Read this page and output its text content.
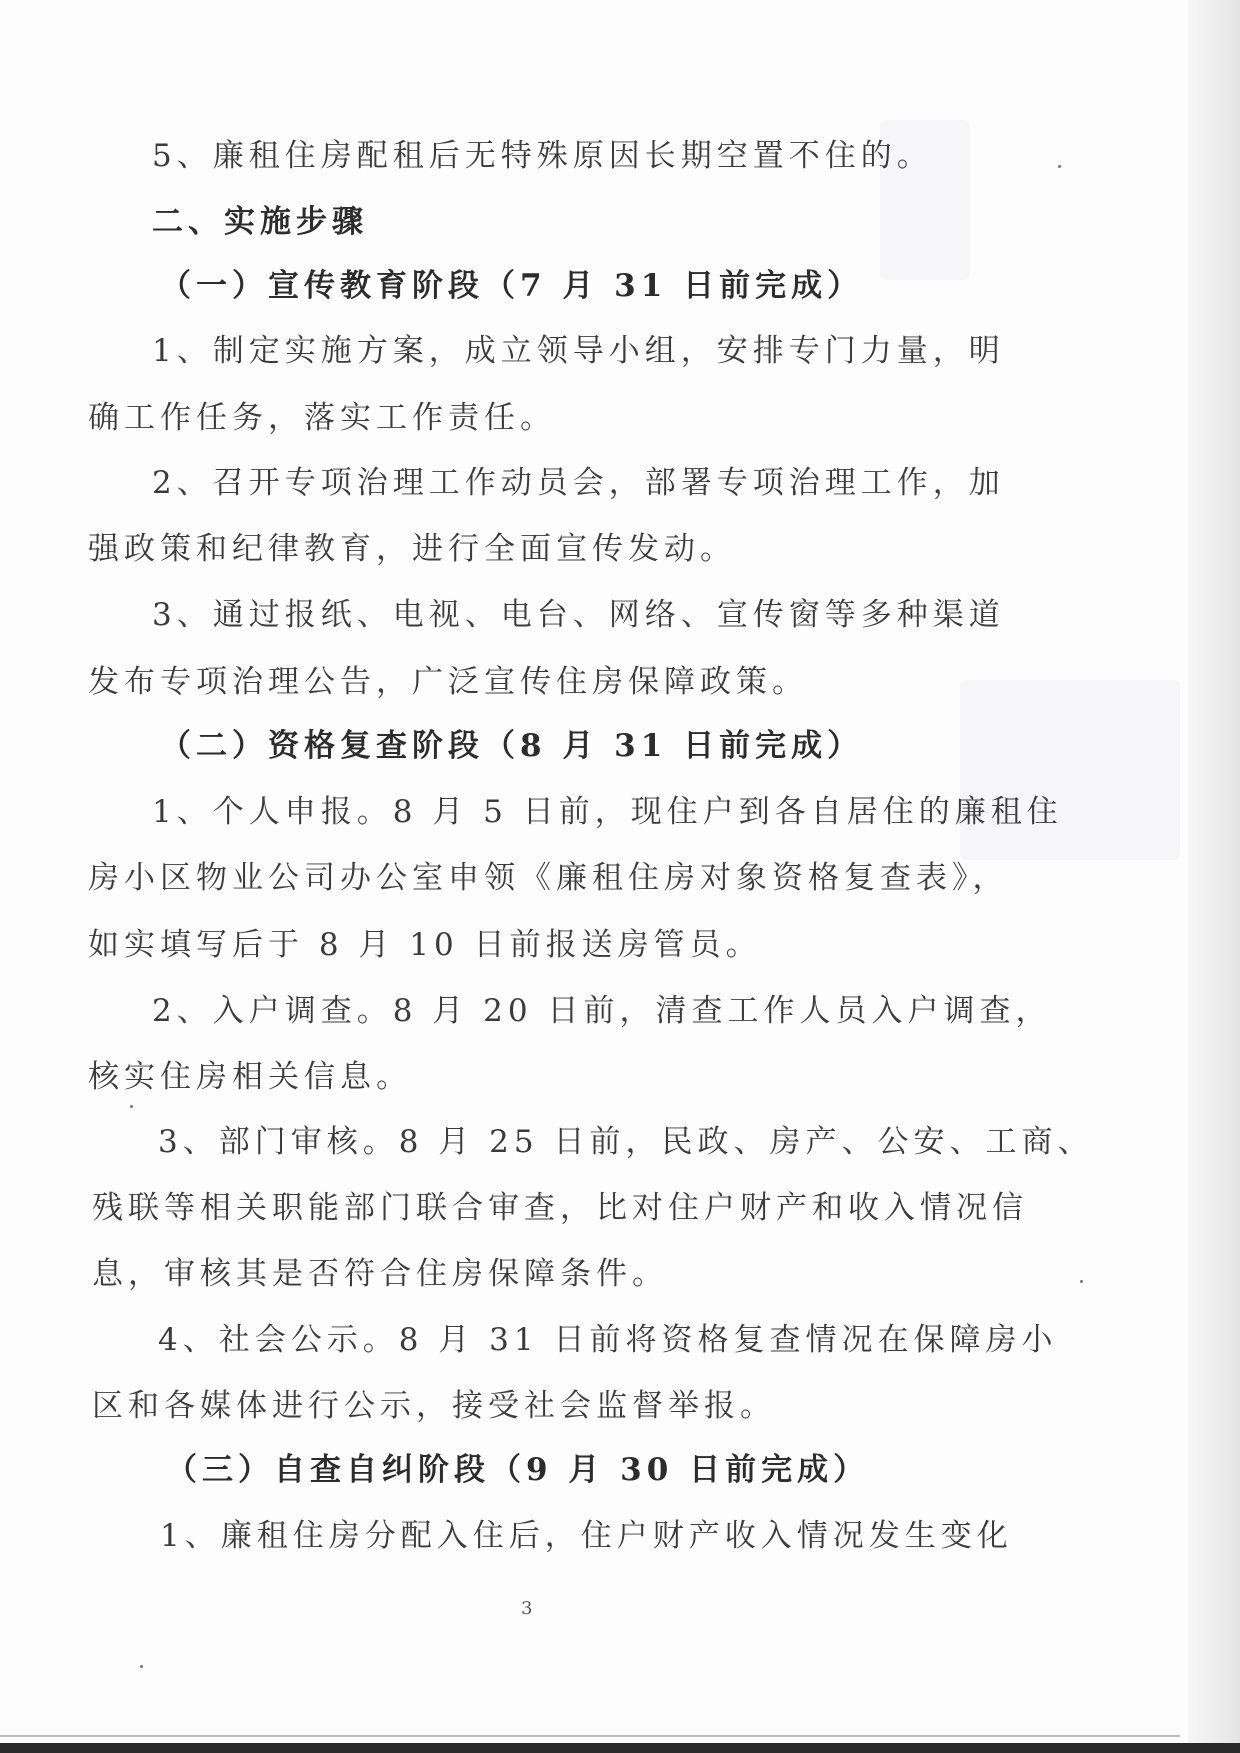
5、廉租住房配租后无特殊原因长期空置不住的。
二、实施步骤
（一）宣传教育阶段（7 月 31 日前完成）
1、制定实施方案，成立领导小组，安排专门力量，明
确工作任务，落实工作责任。
2、召开专项治理工作动员会，部署专项治理工作，加
强政策和纪律教育，进行全面宣传发动。
3、通过报纸、电视、电台、网络、宣传窗等多种渠道
发布专项治理公告，广泛宣传住房保障政策。
（二）资格复查阶段（8 月 31 日前完成）
1、个人申报。8 月 5 日前，现住户到各自居住的廉租住
房小区物业公司办公室申领《廉租住房对象资格复查表》，
如实填写后于 8 月 10 日前报送房管员。
2、入户调查。8 月 20 日前，清查工作人员入户调查，
核实住房相关信息。
3、部门审核。8 月 25 日前，民政、房产、公安、工商、
残联等相关职能部门联合审查，比对住户财产和收入情况信
息，审核其是否符合住房保障条件。
4、社会公示。8 月 31 日前将资格复查情况在保障房小
区和各媒体进行公示，接受社会监督举报。
（三）自查自纠阶段（9 月 30 日前完成）
1、廉租住房分配入住后，住户财产收入情况发生变化
3
